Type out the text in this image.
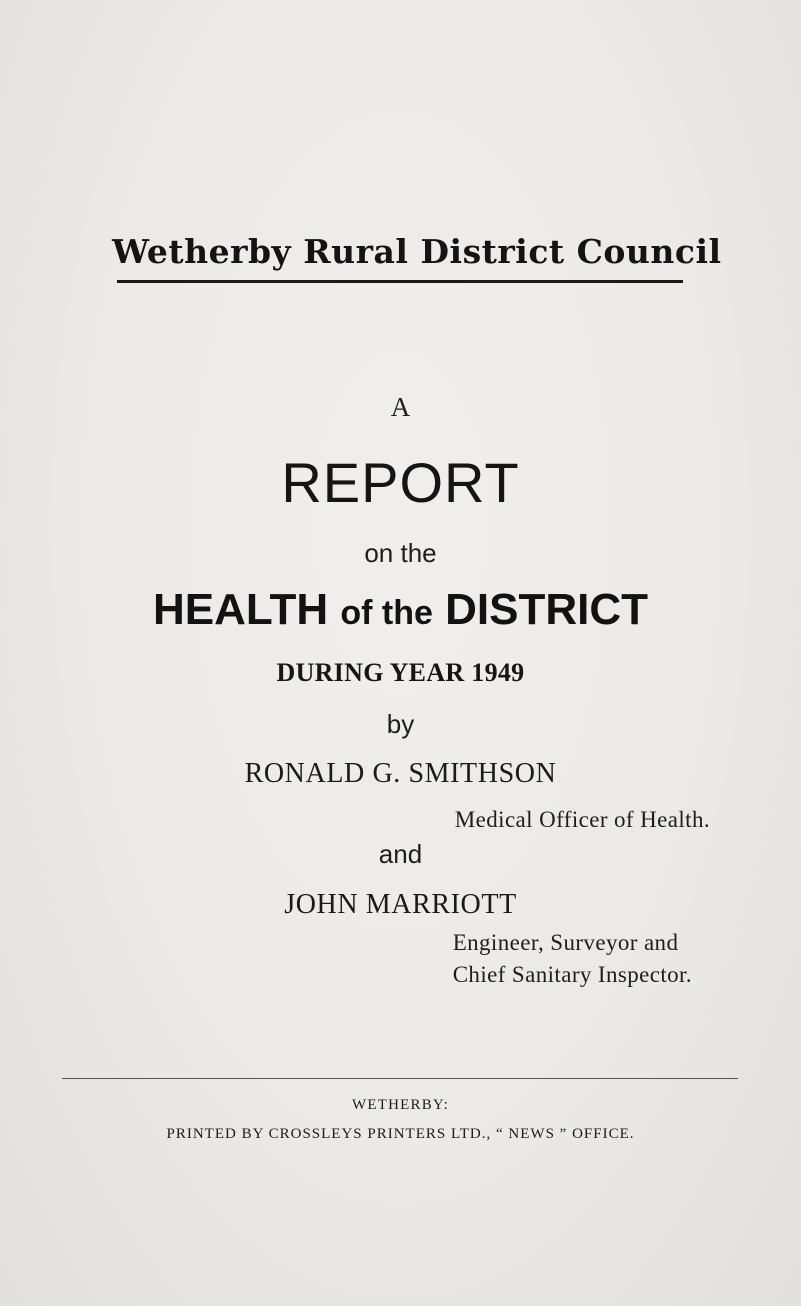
Wetherby Rural District Council
A
REPORT
on the
HEALTH of the DISTRICT
DURING YEAR 1949
by
RONALD G. SMITHSON
Medical Officer of Health.
and
JOHN MARRIOTT
Engineer, Surveyor and
Chief Sanitary Inspector.
WETHERBY:
PRINTED BY CROSSLEYS PRINTERS LTD., “ NEWS ” OFFICE.
